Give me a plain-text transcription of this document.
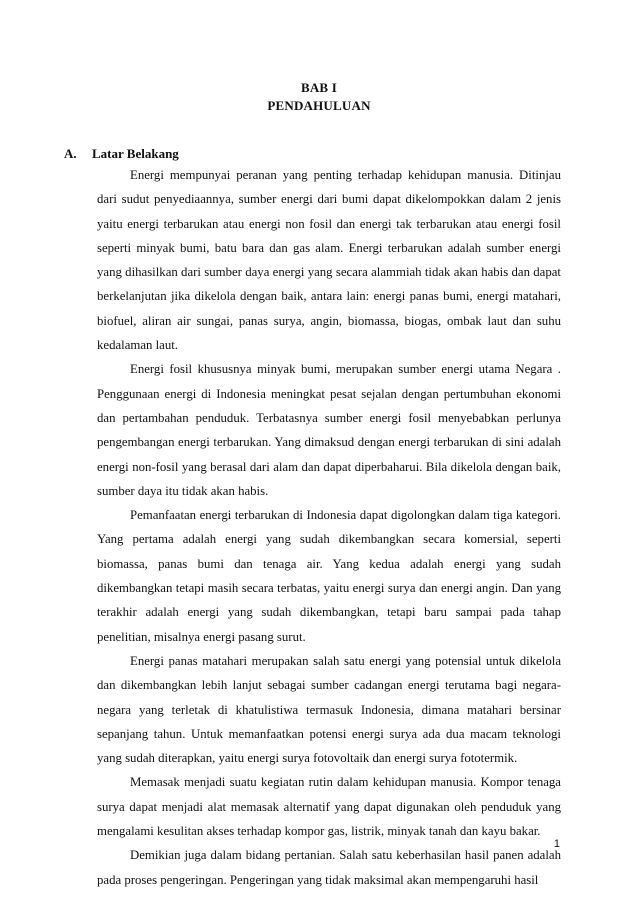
BAB I
PENDAHULUAN
A. Latar Belakang

Energi mempunyai peranan yang penting terhadap kehidupan manusia. Ditinjau dari sudut penyediaannya, sumber energi dari bumi dapat dikelompokkan dalam 2 jenis yaitu energi terbarukan atau energi non fosil dan energi tak terbarukan atau energi fosil seperti minyak bumi, batu bara dan gas alam. Energi terbarukan adalah sumber energi yang dihasilkan dari sumber daya energi yang secara alammiah tidak akan habis dan dapat berkelanjutan jika dikelola dengan baik, antara lain: energi panas bumi, energi matahari, biofuel, aliran air sungai, panas surya, angin, biomassa, biogas, ombak laut dan suhu kedalaman laut.

Energi fosil khususnya minyak bumi, merupakan sumber energi utama Negara . Penggunaan energi di Indonesia meningkat pesat sejalan dengan pertumbuhan ekonomi dan pertambahan penduduk. Terbatasnya sumber energi fosil menyebabkan perlunya pengembangan energi terbarukan. Yang dimaksud dengan energi terbarukan di sini adalah energi non-fosil yang berasal dari alam dan dapat diperbaharui. Bila dikelola dengan baik, sumber daya itu tidak akan habis.

Pemanfaatan energi terbarukan di Indonesia dapat digolongkan dalam tiga kategori. Yang pertama adalah energi yang sudah dikembangkan secara komersial, seperti biomassa, panas bumi dan tenaga air. Yang kedua adalah energi yang sudah dikembangkan tetapi masih secara terbatas, yaitu energi surya dan energi angin. Dan yang terakhir adalah energi yang sudah dikembangkan, tetapi baru sampai pada tahap penelitian, misalnya energi pasang surut.

Energi panas matahari merupakan salah satu energi yang potensial untuk dikelola dan dikembangkan lebih lanjut sebagai sumber cadangan energi terutama bagi negara-negara yang terletak di khatulistiwa termasuk Indonesia, dimana matahari bersinar sepanjang tahun. Untuk memanfaatkan potensi energi surya ada dua macam teknologi yang sudah diterapkan, yaitu energi surya fotovoltaik dan energi surya fototermik.

Memasak menjadi suatu kegiatan rutin dalam kehidupan manusia. Kompor tenaga surya dapat menjadi alat memasak alternatif yang dapat digunakan oleh penduduk yang mengalami kesulitan akses terhadap kompor gas, listrik, minyak tanah dan kayu bakar.

Demikian juga dalam bidang pertanian. Salah satu keberhasilan hasil panen adalah pada proses pengeringan. Pengeringan yang tidak maksimal akan mempengaruhi hasil

1
